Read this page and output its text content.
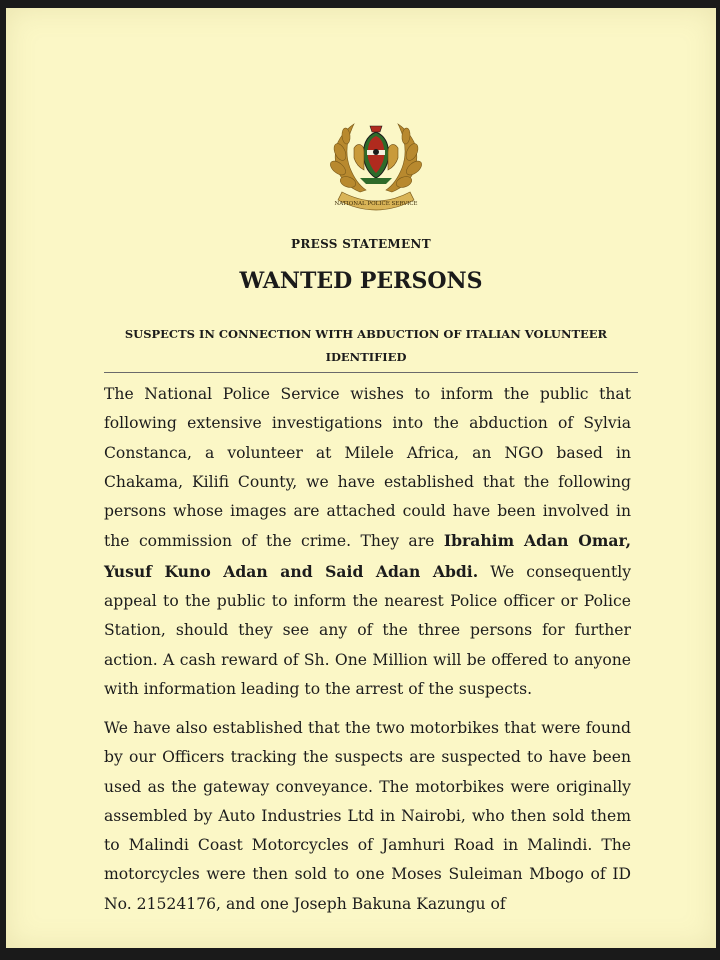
NATIONAL POLICE SERVICE
PRESS STATEMENT
WANTED PERSONS
SUSPECTS IN CONNECTION WITH ABDUCTION OF ITALIAN VOLUNTEER
IDENTIFIED

The National Police Service wishes to inform the public that following extensive investigations into the abduction of Sylvia Constanca, a volunteer at Milele Africa, an NGO based in Chakama, Kilifi County, we have established that the following persons whose images are attached could have been involved in the commission of the crime. They are Ibrahim Adan Omar, Yusuf Kuno Adan and Said Adan Abdi. We consequently appeal to the public to inform the nearest Police officer or Police Station, should they see any of the three persons for further action. A cash reward of Sh. One Million will be offered to anyone with information leading to the arrest of the suspects.

We have also established that the two motorbikes that were found by our Officers tracking the suspects are suspected to have been used as the gateway conveyance. The motorbikes were originally assembled by Auto Industries Ltd in Nairobi, who then sold them to Malindi Coast Motorcycles of Jamhuri Road in Malindi. The motorcycles were then sold to one Moses Suleiman Mbogo of ID No. 21524176, and one Joseph Bakuna Kazungu of
